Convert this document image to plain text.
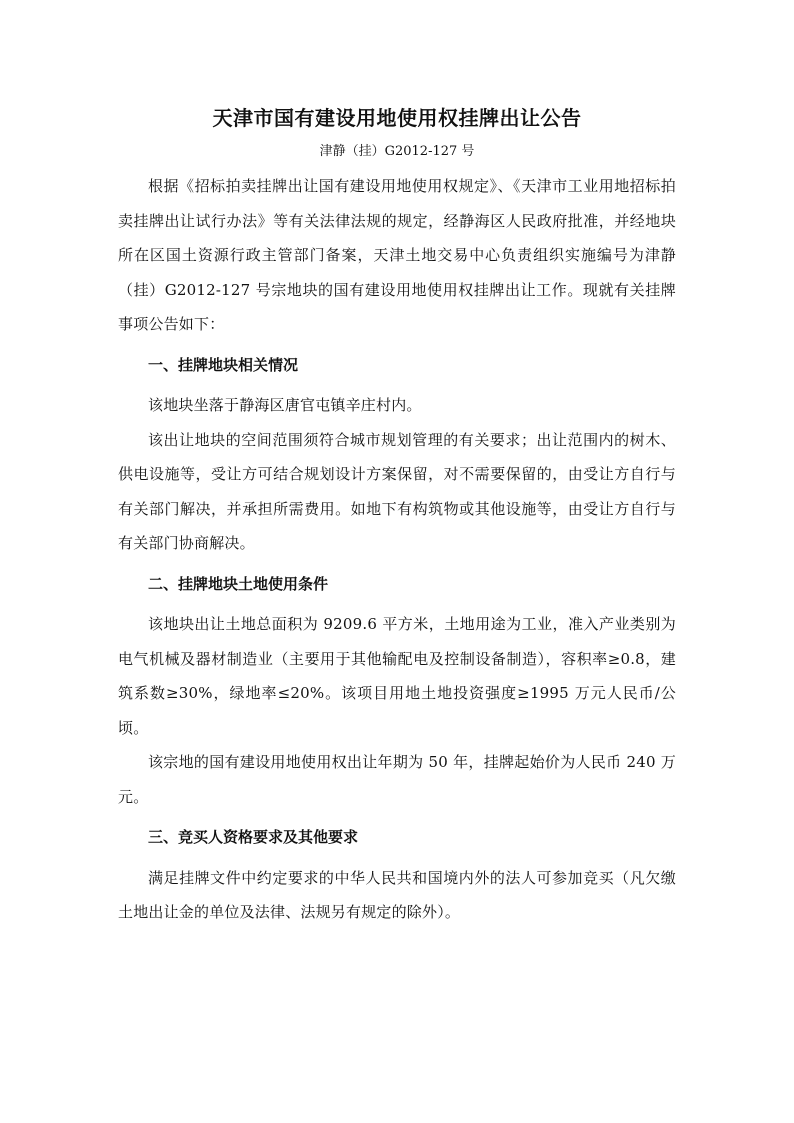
天津市国有建设用地使用权挂牌出让公告
津静（挂）G2012-127 号

根据《招标拍卖挂牌出让国有建设用地使用权规定》、《天津市工业用地招标拍卖挂牌出让试行办法》等有关法律法规的规定，经静海区人民政府批准，并经地块所在区国土资源行政主管部门备案，天津土地交易中心负责组织实施编号为津静（挂）G2012-127 号宗地块的国有建设用地使用权挂牌出让工作。现就有关挂牌事项公告如下：

一、挂牌地块相关情况

该地块坐落于静海区唐官屯镇辛庄村内。

该出让地块的空间范围须符合城市规划管理的有关要求；出让范围内的树木、供电设施等，受让方可结合规划设计方案保留，对不需要保留的，由受让方自行与有关部门解决，并承担所需费用。如地下有构筑物或其他设施等，由受让方自行与有关部门协商解决。

二、挂牌地块土地使用条件

该地块出让土地总面积为 9209.6 平方米，土地用途为工业，准入产业类别为电气机械及器材制造业（主要用于其他输配电及控制设备制造），容积率≥0.8，建筑系数≥30%，绿地率≤20%。该项目用地土地投资强度≥1995 万元人民币/公顷。

该宗地的国有建设用地使用权出让年期为 50 年，挂牌起始价为人民币 240 万元。

三、竞买人资格要求及其他要求

满足挂牌文件中约定要求的中华人民共和国境内外的法人可参加竞买（凡欠缴土地出让金的单位及法律、法规另有规定的除外）。
